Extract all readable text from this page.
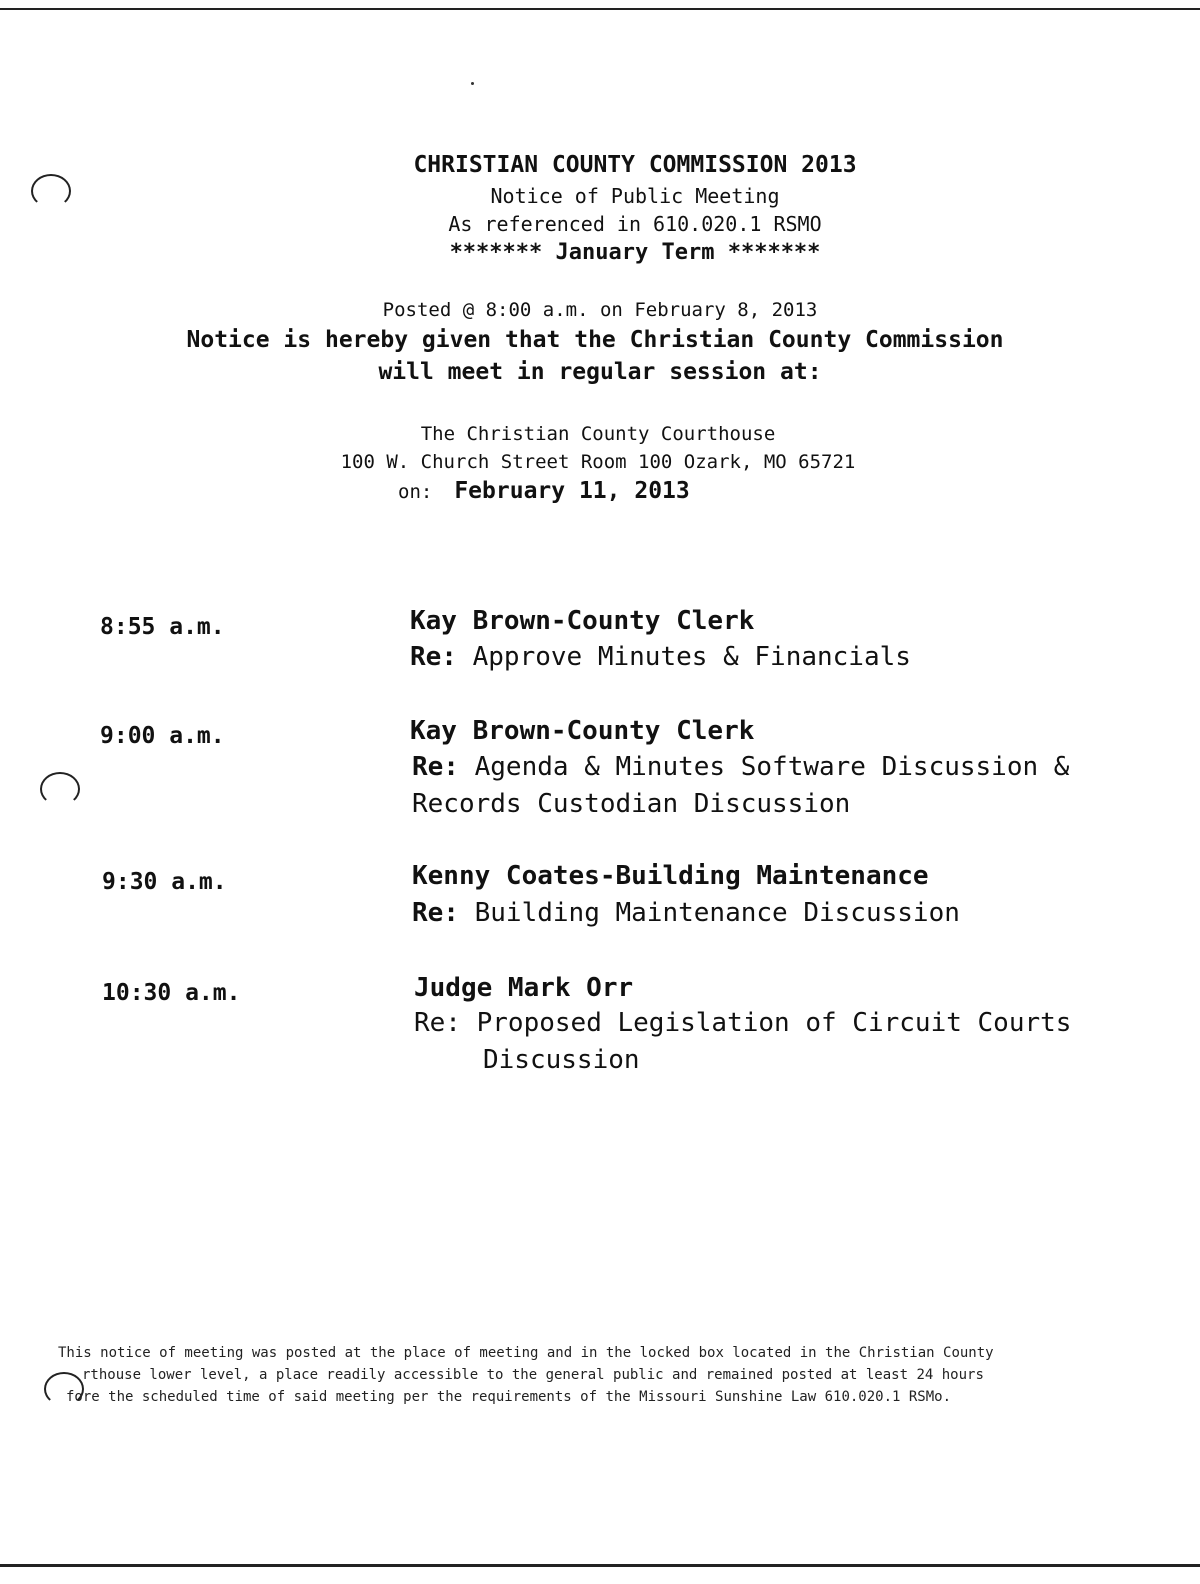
CHRISTIAN COUNTY COMMISSION 2013
Notice of Public Meeting
As referenced in 610.020.1 RSMO
******* January Term *******
Posted @ 8:00 a.m. on February 8, 2013
Notice is hereby given that the Christian County Commission
will meet in regular session at:
The Christian County Courthouse
100 W. Church Street Room 100 Ozark, MO 65721
on: February 11, 2013
8:55 a.m.	Kay Brown-County Clerk
Re: Approve Minutes & Financials
9:00 a.m.	Kay Brown-County Clerk
Re: Agenda & Minutes Software Discussion &
Records Custodian Discussion
9:30 a.m.	Kenny Coates-Building Maintenance
Re: Building Maintenance Discussion
10:30 a.m.	Judge Mark Orr
Re: Proposed Legislation of Circuit Courts
Discussion
This notice of meeting was posted at the place of meeting and in the locked box located in the Christian County
rthouse lower level, a place readily accessible to the general public and remained posted at least 24 hours
fore the scheduled time of said meeting per the requirements of the Missouri Sunshine Law 610.020.1 RSMo.
